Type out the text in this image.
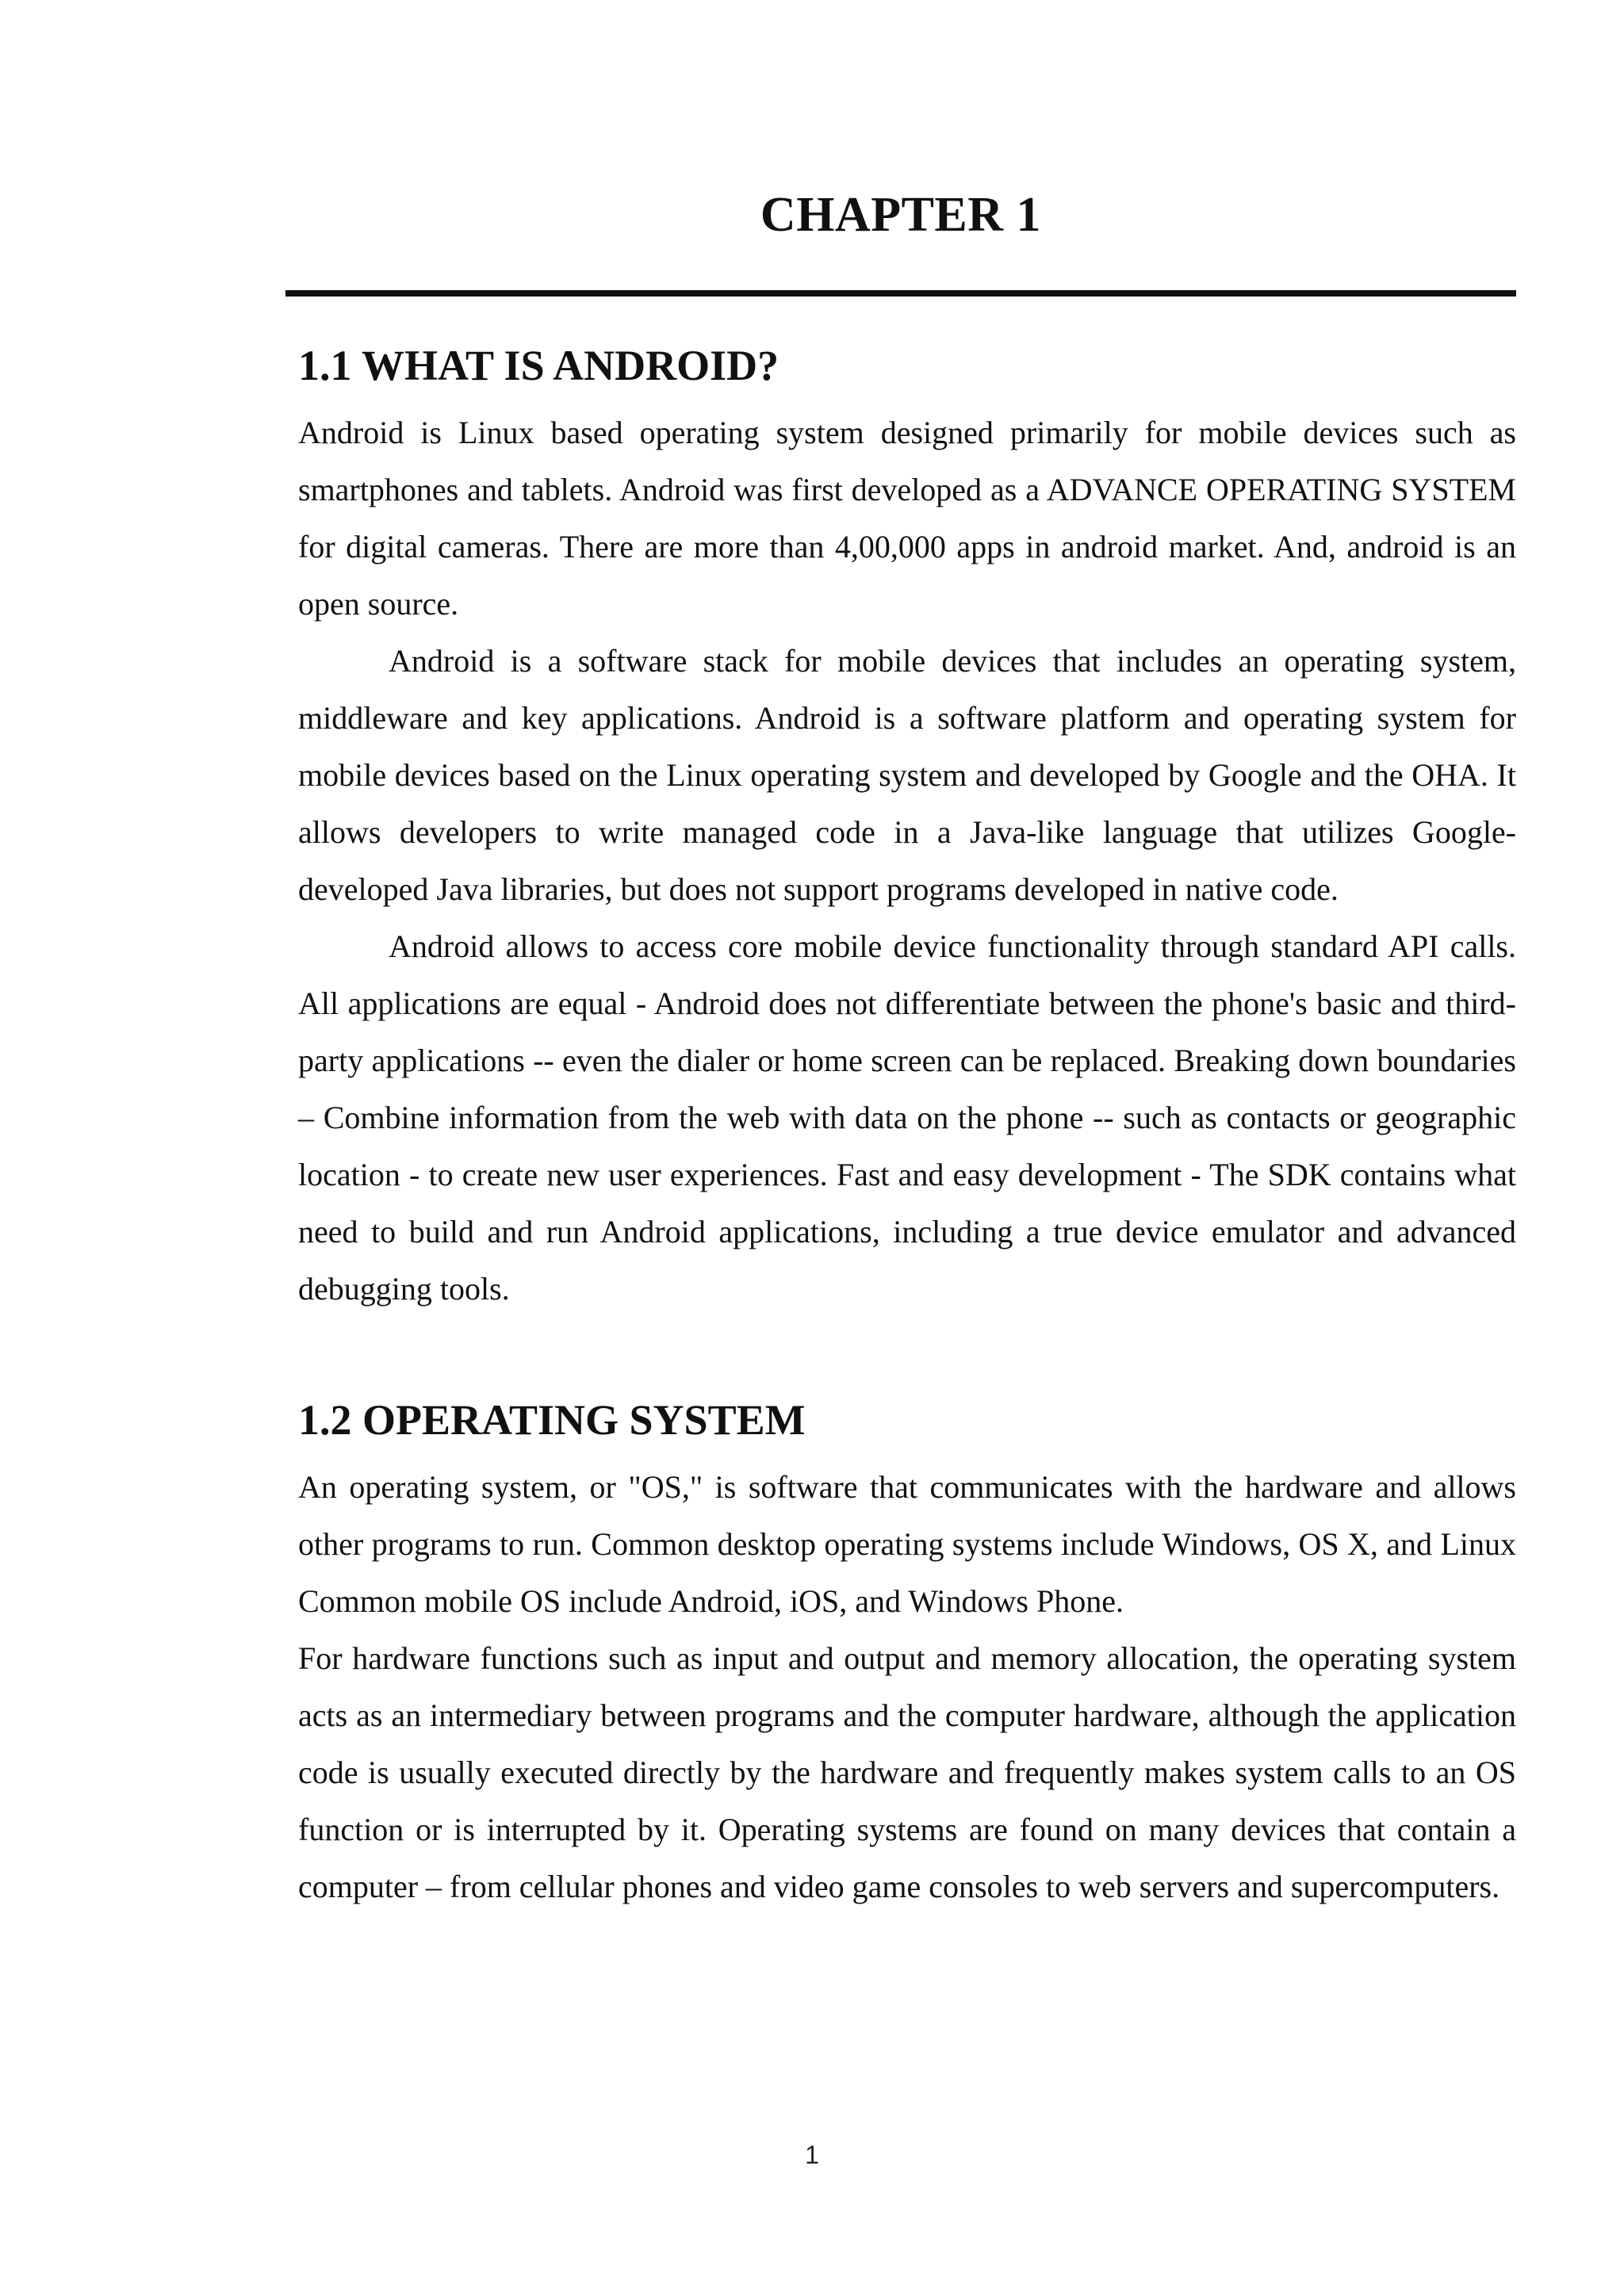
CHAPTER 1
1.1 WHAT IS ANDROID?

Android is Linux based operating system designed primarily for mobile devices such as smartphones and tablets. Android was first developed as a ADVANCE OPERATING SYSTEM for digital cameras. There are more than 4,00,000 apps in android market. And, android is an open source.

Android is a software stack for mobile devices that includes an operating system, middleware and key applications. Android is a software platform and operating system for mobile devices based on the Linux operating system and developed by Google and the OHA. It allows developers to write managed code in a Java-like language that utilizes Google-developed Java libraries, but does not support programs developed in native code.

Android allows to access core mobile device functionality through standard API calls. All applications are equal - Android does not differentiate between the phone's basic and third-party applications -- even the dialer or home screen can be replaced. Breaking down boundaries – Combine information from the web with data on the phone -- such as contacts or geographic location - to create new user experiences. Fast and easy development - The SDK contains what need to build and run Android applications, including a true device emulator and advanced debugging tools.

1.2 OPERATING SYSTEM

An operating system, or "OS," is software that communicates with the hardware and allows other programs to run. Common desktop operating systems include Windows, OS X, and Linux Common mobile OS include Android, iOS, and Windows Phone.

For hardware functions such as input and output and memory allocation, the operating system acts as an intermediary between programs and the computer hardware, although the application code is usually executed directly by the hardware and frequently makes system calls to an OS function or is interrupted by it. Operating systems are found on many devices that contain a computer – from cellular phones and video game consoles to web servers and supercomputers.

1
